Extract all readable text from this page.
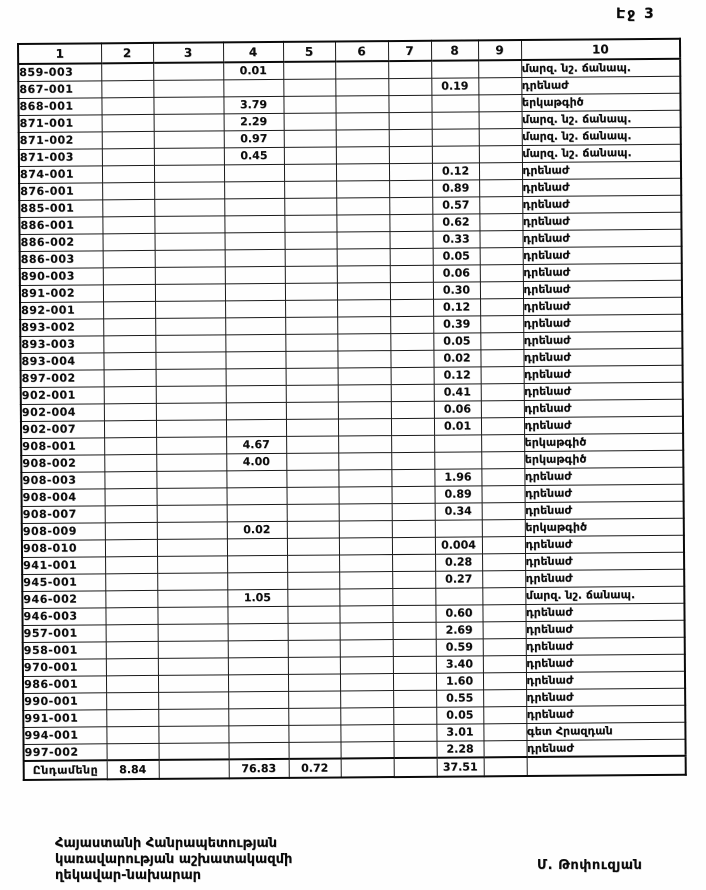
Էջ 3
1	2	3	4	5	6	7	8	9	10
859-003			0.01						մարզ. նշ. ճանապ.
867-001							0.19		դրենաժ
868-001			3.79						երկաթգիծ
871-001			2.29						մարզ. նշ. ճանապ.
871-002			0.97						մարզ. նշ. ճանապ.
871-003			0.45						մարզ. նշ. ճանապ.
874-001							0.12		դրենաժ
876-001							0.89		դրենաժ
885-001							0.57		դրենաժ
886-001							0.62		դրենաժ
886-002							0.33		դրենաժ
886-003							0.05		դրենաժ
890-003							0.06		դրենաժ
891-002							0.30		դրենաժ
892-001							0.12		դրենաժ
893-002							0.39		դրենաժ
893-003							0.05		դրենաժ
893-004							0.02		դրենաժ
897-002							0.12		դրենաժ
902-001							0.41		դրենաժ
902-004							0.06		դրենաժ
902-007							0.01		դրենաժ
908-001			4.67						երկաթգիծ
908-002			4.00						երկաթգիծ
908-003							1.96		դրենաժ
908-004							0.89		դրենաժ
908-007							0.34		դրենաժ
908-009			0.02						երկաթգիծ
908-010							0.004		դրենաժ
941-001							0.28		դրենաժ
945-001							0.27		դրենաժ
946-002			1.05						մարզ. նշ. ճանապ.
946-003							0.60		դրենաժ
957-001							2.69		դրենաժ
958-001							0.59		դրենաժ
970-001							3.40		դրենաժ
986-001							1.60		դրենաժ
990-001							0.55		դրենաժ
991-001							0.05		դրենաժ
994-001							3.01		գետ Հրազդան
997-002							2.28		դրենաժ
Ընդամենը	8.84		76.83	0.72			37.51		
Հայաստանի Հանրապետության
կառավարության աշխատակազմի
ղեկավար-նախարար
Մ. Թոփուզյան
